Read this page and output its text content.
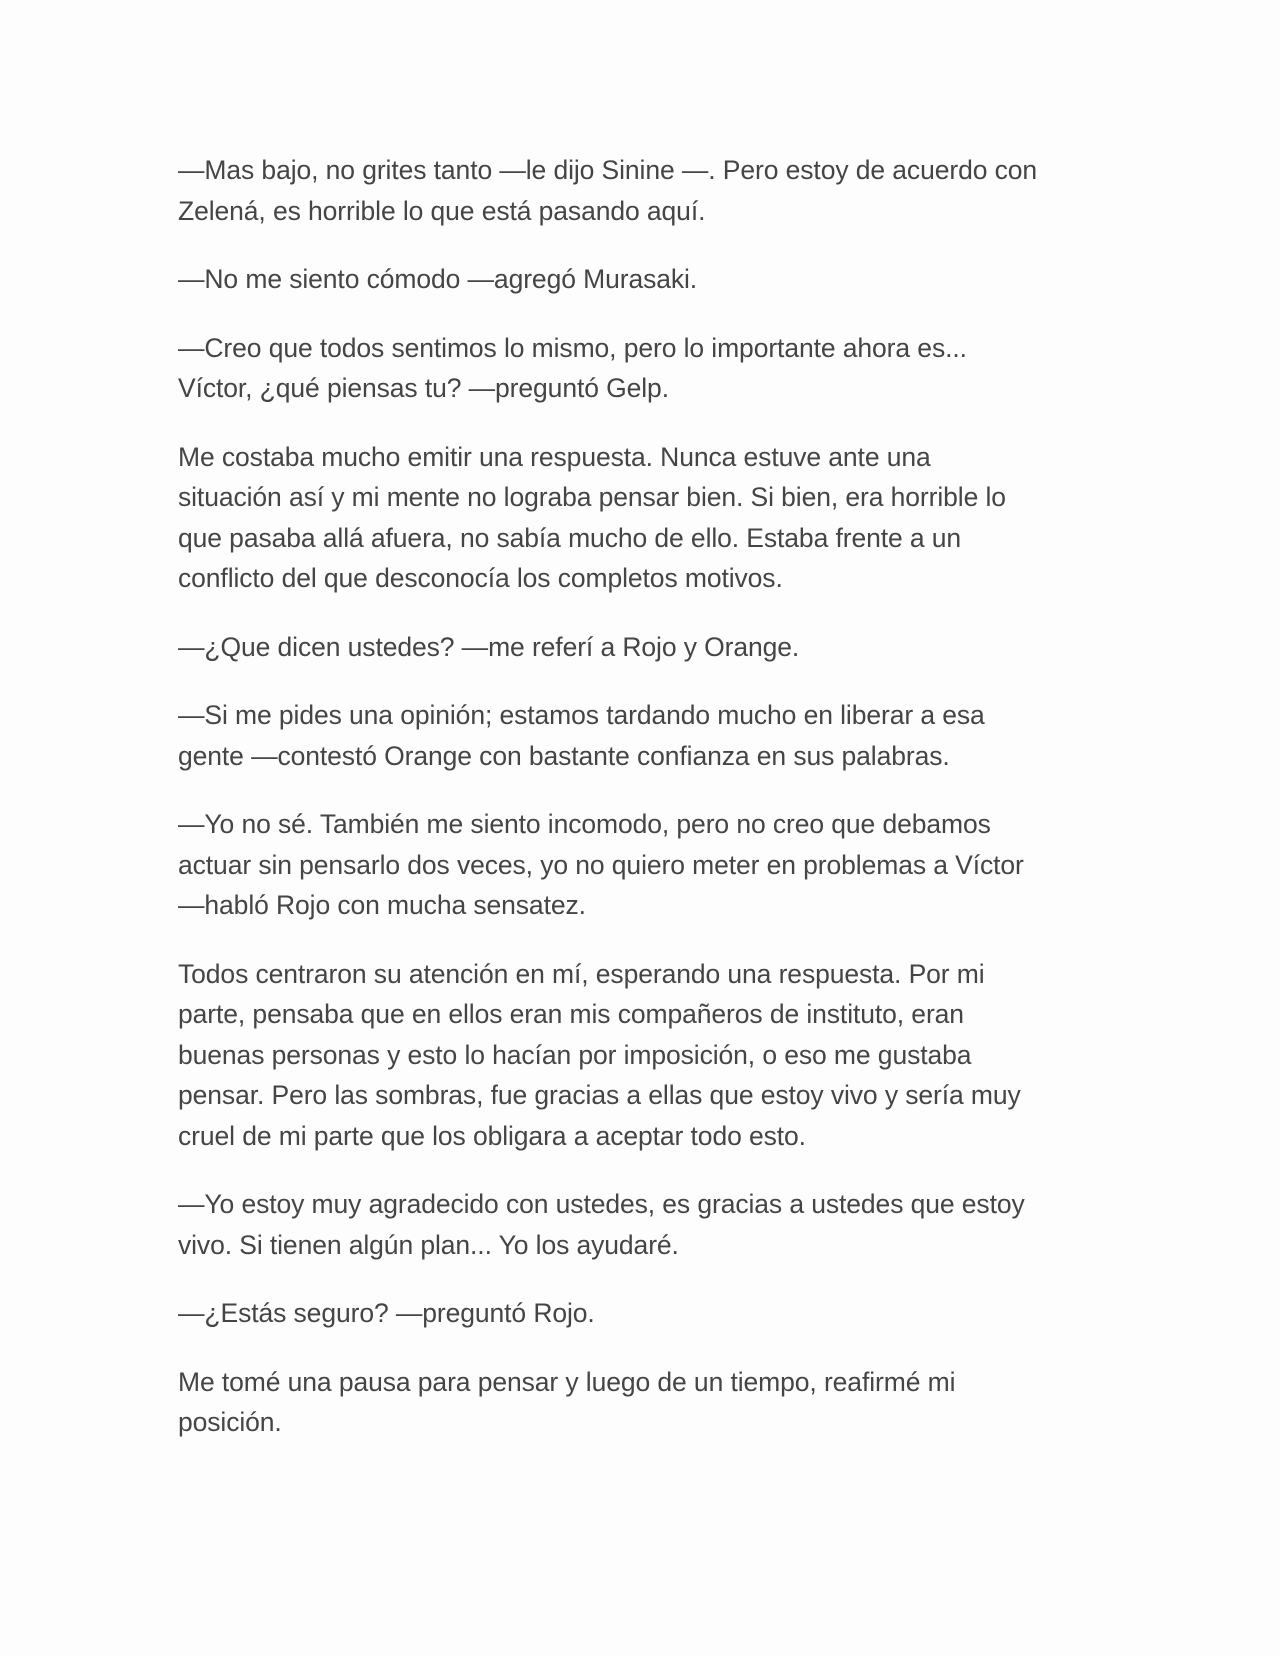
—Mas bajo, no grites tanto —le dijo Sinine —. Pero estoy de acuerdo con
Zelená, es horrible lo que está pasando aquí.

—No me siento cómodo —agregó Murasaki.

—Creo que todos sentimos lo mismo, pero lo importante ahora es...
Víctor, ¿qué piensas tu? —preguntó Gelp.

Me costaba mucho emitir una respuesta. Nunca estuve ante una
situación así y mi mente no lograba pensar bien. Si bien, era horrible lo
que pasaba allá afuera, no sabía mucho de ello. Estaba frente a un
conflicto del que desconocía los completos motivos.

—¿Que dicen ustedes? —me referí a Rojo y Orange.

—Si me pides una opinión; estamos tardando mucho en liberar a esa
gente —contestó Orange con bastante confianza en sus palabras.

—Yo no sé. También me siento incomodo, pero no creo que debamos
actuar sin pensarlo dos veces, yo no quiero meter en problemas a Víctor
—habló Rojo con mucha sensatez.

Todos centraron su atención en mí, esperando una respuesta. Por mi
parte, pensaba que en ellos eran mis compañeros de instituto, eran
buenas personas y esto lo hacían por imposición, o eso me gustaba
pensar. Pero las sombras, fue gracias a ellas que estoy vivo y sería muy
cruel de mi parte que los obligara a aceptar todo esto.

—Yo estoy muy agradecido con ustedes, es gracias a ustedes que estoy
vivo. Si tienen algún plan... Yo los ayudaré.

—¿Estás seguro? —preguntó Rojo.

Me tomé una pausa para pensar y luego de un tiempo, reafirmé mi
posición.
